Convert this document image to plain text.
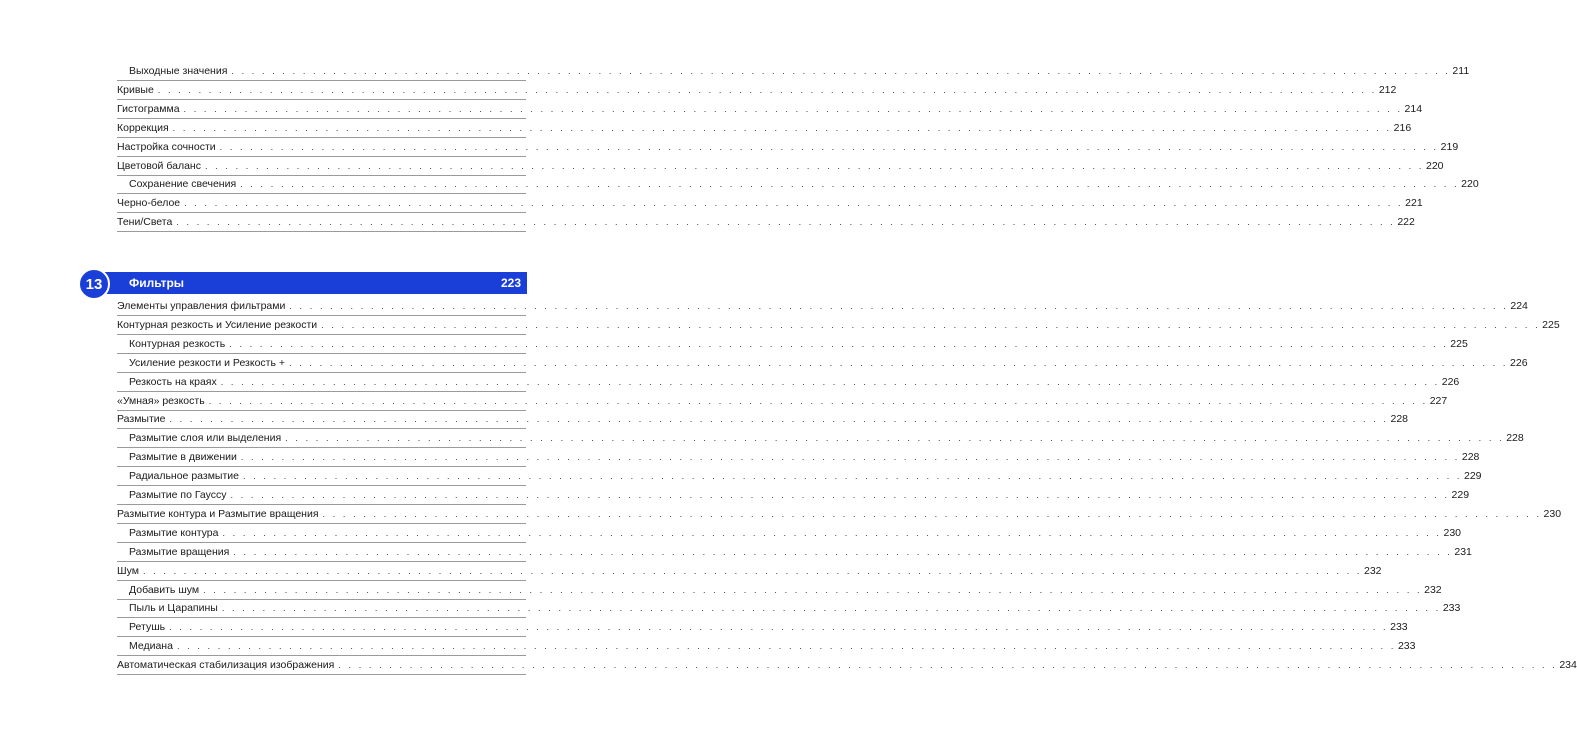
Выходные значения . . . . . . . . . . . . . . . . . . . . . . . . . . . . . . . . . . . . . . . . . . . . . . . . . . . . . . . . . . . . . . . . . . . . . . . . . . . . . . . . . . . . . . . . . . . . . . . . . . . . . . . . . . . . . . . . . . . . . . . . 211
Кривые . . . . . . . . . . . . . . . . . . . . . . . . . . . . . . . . . . . . . . . . . . . . . . . . . . . . . . . . . . . . . . . . . . . . . . . . . . . . . . . . . . . . . . . . . . . . . . . . . . . . . . . . . . . . . . . . . . . . . . . . 212
Гистограмма . . . . . . . . . . . . . . . . . . . . . . . . . . . . . . . . . . . . . . . . . . . . . . . . . . . . . . . . . . . . . . . . . . . . . . . . . . . . . . . . . . . . . . . . . . . . . . . . . . . . . . . . . . . . . . . . . . . . . . . . 214
Коррекция . . . . . . . . . . . . . . . . . . . . . . . . . . . . . . . . . . . . . . . . . . . . . . . . . . . . . . . . . . . . . . . . . . . . . . . . . . . . . . . . . . . . . . . . . . . . . . . . . . . . . . . . . . . . . . . . . . . . . . . . 216
Настройка сочности . . . . . . . . . . . . . . . . . . . . . . . . . . . . . . . . . . . . . . . . . . . . . . . . . . . . . . . . . . . . . . . . . . . . . . . . . . . . . . . . . . . . . . . . . . . . . . . . . . . . . . . . . . . . . . . . . . . . . . . . 219
Цветовой баланс . . . . . . . . . . . . . . . . . . . . . . . . . . . . . . . . . . . . . . . . . . . . . . . . . . . . . . . . . . . . . . . . . . . . . . . . . . . . . . . . . . . . . . . . . . . . . . . . . . . . . . . . . . . . . . . . . . . . . . . . 220
Сохранение свечения . . . . . . . . . . . . . . . . . . . . . . . . . . . . . . . . . . . . . . . . . . . . . . . . . . . . . . . . . . . . . . . . . . . . . . . . . . . . . . . . . . . . . . . . . . . . . . . . . . . . . . . . . . . . . . . . . . . . . . . . 220
Черно-белое . . . . . . . . . . . . . . . . . . . . . . . . . . . . . . . . . . . . . . . . . . . . . . . . . . . . . . . . . . . . . . . . . . . . . . . . . . . . . . . . . . . . . . . . . . . . . . . . . . . . . . . . . . . . . . . . . . . . . . . . 221
Тени/Света . . . . . . . . . . . . . . . . . . . . . . . . . . . . . . . . . . . . . . . . . . . . . . . . . . . . . . . . . . . . . . . . . . . . . . . . . . . . . . . . . . . . . . . . . . . . . . . . . . . . . . . . . . . . . . . . . . . . . . . . 222
Фильтры	223
13
Элементы управления фильтрами . . . . . . . . . . . . . . . . . . . . . . . . . . . . . . . . . . . . . . . . . . . . . . . . . . . . . . . . . . . . . . . . . . . . . . . . . . . . . . . . . . . . . . . . . . . . . . . . . . . . . . . . . . . . . . . . . . . . . . . . 224
Контурная резкость и Усиление резкости . . . . . . . . . . . . . . . . . . . . . . . . . . . . . . . . . . . . . . . . . . . . . . . . . . . . . . . . . . . . . . . . . . . . . . . . . . . . . . . . . . . . . . . . . . . . . . . . . . . . . . . . . . . . . . . . . . . . . . . . 225
Контурная резкость . . . . . . . . . . . . . . . . . . . . . . . . . . . . . . . . . . . . . . . . . . . . . . . . . . . . . . . . . . . . . . . . . . . . . . . . . . . . . . . . . . . . . . . . . . . . . . . . . . . . . . . . . . . . . . . . . . . . . . . . 225
Усиление резкости и Резкость + . . . . . . . . . . . . . . . . . . . . . . . . . . . . . . . . . . . . . . . . . . . . . . . . . . . . . . . . . . . . . . . . . . . . . . . . . . . . . . . . . . . . . . . . . . . . . . . . . . . . . . . . . . . . . . . . . . . . . . . . 226
Резкость на краях . . . . . . . . . . . . . . . . . . . . . . . . . . . . . . . . . . . . . . . . . . . . . . . . . . . . . . . . . . . . . . . . . . . . . . . . . . . . . . . . . . . . . . . . . . . . . . . . . . . . . . . . . . . . . . . . . . . . . . . . 226
«Умная» резкость . . . . . . . . . . . . . . . . . . . . . . . . . . . . . . . . . . . . . . . . . . . . . . . . . . . . . . . . . . . . . . . . . . . . . . . . . . . . . . . . . . . . . . . . . . . . . . . . . . . . . . . . . . . . . . . . . . . . . . . . 227
Размытие . . . . . . . . . . . . . . . . . . . . . . . . . . . . . . . . . . . . . . . . . . . . . . . . . . . . . . . . . . . . . . . . . . . . . . . . . . . . . . . . . . . . . . . . . . . . . . . . . . . . . . . . . . . . . . . . . . . . . . . . 228
Размытие слоя или выделения . . . . . . . . . . . . . . . . . . . . . . . . . . . . . . . . . . . . . . . . . . . . . . . . . . . . . . . . . . . . . . . . . . . . . . . . . . . . . . . . . . . . . . . . . . . . . . . . . . . . . . . . . . . . . . . . . . . . . . . . 228
Размытие в движении . . . . . . . . . . . . . . . . . . . . . . . . . . . . . . . . . . . . . . . . . . . . . . . . . . . . . . . . . . . . . . . . . . . . . . . . . . . . . . . . . . . . . . . . . . . . . . . . . . . . . . . . . . . . . . . . . . . . . . . . 228
Радиальное размытие . . . . . . . . . . . . . . . . . . . . . . . . . . . . . . . . . . . . . . . . . . . . . . . . . . . . . . . . . . . . . . . . . . . . . . . . . . . . . . . . . . . . . . . . . . . . . . . . . . . . . . . . . . . . . . . . . . . . . . . . 229
Размытие по Гауссу . . . . . . . . . . . . . . . . . . . . . . . . . . . . . . . . . . . . . . . . . . . . . . . . . . . . . . . . . . . . . . . . . . . . . . . . . . . . . . . . . . . . . . . . . . . . . . . . . . . . . . . . . . . . . . . . . . . . . . . . 229
Размытие контура и Размытие вращения . . . . . . . . . . . . . . . . . . . . . . . . . . . . . . . . . . . . . . . . . . . . . . . . . . . . . . . . . . . . . . . . . . . . . . . . . . . . . . . . . . . . . . . . . . . . . . . . . . . . . . . . . . . . . . . . . . . . . . . . 230
Размытие контура . . . . . . . . . . . . . . . . . . . . . . . . . . . . . . . . . . . . . . . . . . . . . . . . . . . . . . . . . . . . . . . . . . . . . . . . . . . . . . . . . . . . . . . . . . . . . . . . . . . . . . . . . . . . . . . . . . . . . . . . 230
Размытие вращения . . . . . . . . . . . . . . . . . . . . . . . . . . . . . . . . . . . . . . . . . . . . . . . . . . . . . . . . . . . . . . . . . . . . . . . . . . . . . . . . . . . . . . . . . . . . . . . . . . . . . . . . . . . . . . . . . . . . . . . . 231
Шум . . . . . . . . . . . . . . . . . . . . . . . . . . . . . . . . . . . . . . . . . . . . . . . . . . . . . . . . . . . . . . . . . . . . . . . . . . . . . . . . . . . . . . . . . . . . . . . . . . . . . . . . . . . . . . . . . . . . . . . . 232
Добавить шум . . . . . . . . . . . . . . . . . . . . . . . . . . . . . . . . . . . . . . . . . . . . . . . . . . . . . . . . . . . . . . . . . . . . . . . . . . . . . . . . . . . . . . . . . . . . . . . . . . . . . . . . . . . . . . . . . . . . . . . . 232
Пыль и Царапины . . . . . . . . . . . . . . . . . . . . . . . . . . . . . . . . . . . . . . . . . . . . . . . . . . . . . . . . . . . . . . . . . . . . . . . . . . . . . . . . . . . . . . . . . . . . . . . . . . . . . . . . . . . . . . . . . . . . . . . . 233
Ретушь . . . . . . . . . . . . . . . . . . . . . . . . . . . . . . . . . . . . . . . . . . . . . . . . . . . . . . . . . . . . . . . . . . . . . . . . . . . . . . . . . . . . . . . . . . . . . . . . . . . . . . . . . . . . . . . . . . . . . . . . 233
Медиана . . . . . . . . . . . . . . . . . . . . . . . . . . . . . . . . . . . . . . . . . . . . . . . . . . . . . . . . . . . . . . . . . . . . . . . . . . . . . . . . . . . . . . . . . . . . . . . . . . . . . . . . . . . . . . . . . . . . . . . . 233
Автоматическая стабилизация изображения . . . . . . . . . . . . . . . . . . . . . . . . . . . . . . . . . . . . . . . . . . . . . . . . . . . . . . . . . . . . . . . . . . . . . . . . . . . . . . . . . . . . . . . . . . . . . . . . . . . . . . . . . . . . . . . . . . . . . . . . 234
